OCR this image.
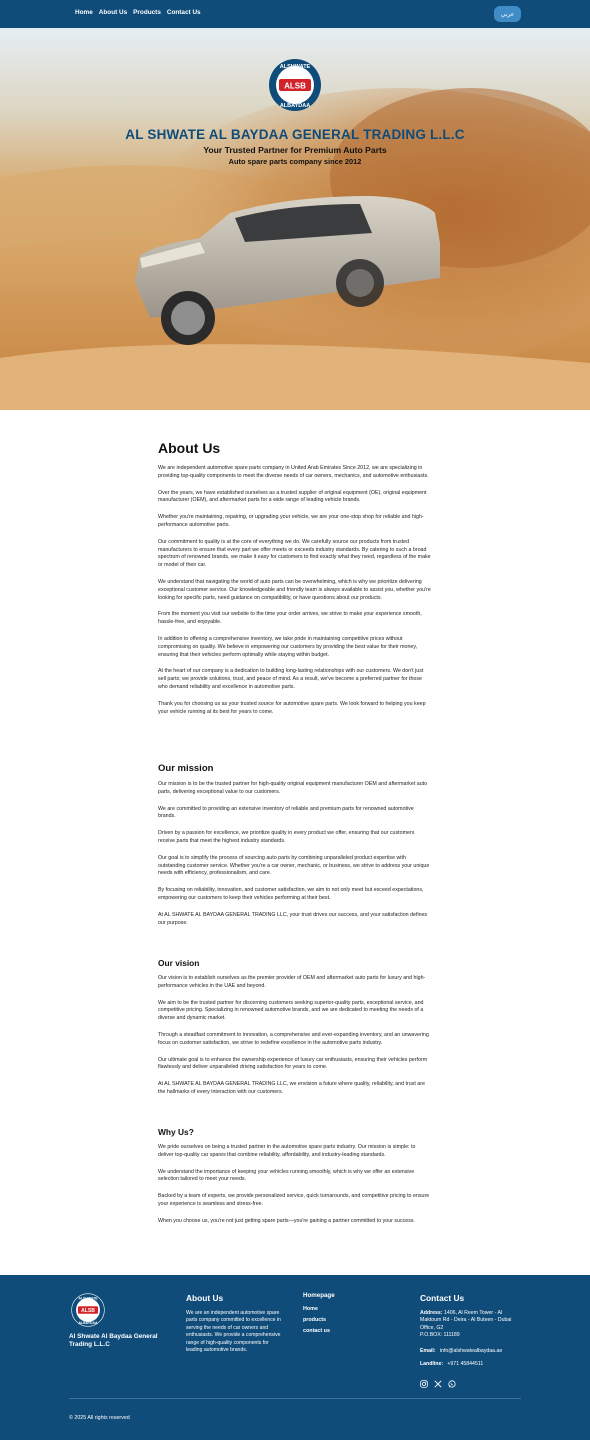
Home About Us Products Contact Us	عربي
ALSB
ALSHWATE
ALBAYDAA
AL SHWATE AL BAYDAA GENERAL TRADING L.L.C
Your Trusted Partner for Premium Auto Parts
Auto spare parts company since 2012
About Us

We are independent automotive spare parts company in United Arab Emirates Since 2012, we are specializing in providing top-quality components to meet the diverse needs of car owners, mechanics, and automotive enthusiasts.

Over the years, we have established ourselves as a trusted supplier of original equipment (OE), original equipment manufacturer (OEM), and aftermarket parts for a wide range of leading vehicle brands.

Whether you're maintaining, repairing, or upgrading your vehicle, we are your one-stop shop for reliable and high-performance automotive parts.

Our commitment to quality is at the core of everything we do. We carefully source our products from trusted manufacturers to ensure that every part we offer meets or exceeds industry standards. By catering to such a broad spectrum of renowned brands, we make it easy for customers to find exactly what they need, regardless of the make or model of their car.

We understand that navigating the world of auto parts can be overwhelming, which is why we prioritize delivering exceptional customer service. Our knowledgeable and friendly team is always available to assist you, whether you're looking for specific parts, need guidance on compatibility, or have questions about our products.

From the moment you visit our website to the time your order arrives, we strive to make your experience smooth, hassle-free, and enjoyable.

In addition to offering a comprehensive inventory, we take pride in maintaining competitive prices without compromising on quality. We believe in empowering our customers by providing the best value for their money, ensuring that their vehicles perform optimally while staying within budget.

At the heart of our company is a dedication to building long-lasting relationships with our customers. We don't just sell parts; we provide solutions, trust, and peace of mind. As a result, we've become a preferred partner for those who demand reliability and excellence in automotive parts.

Thank you for choosing us as your trusted source for automotive spare parts. We look forward to helping you keep your vehicle running at its best for years to come.

Our mission

Our mission is to be the trusted partner for high-quality original equipment manufacturer OEM and aftermarket auto parts, delivering exceptional value to our customers.

We are committed to providing an extensive inventory of reliable and premium parts for renowned automotive brands.

Driven by a passion for excellence, we prioritize quality in every product we offer, ensuring that our customers receive parts that meet the highest industry standards.

Our goal is to simplify the process of sourcing auto parts by combining unparalleled product expertise with outstanding customer service. Whether you're a car owner, mechanic, or business, we strive to address your unique needs with efficiency, professionalism, and care.

By focusing on reliability, innovation, and customer satisfaction, we aim to not only meet but exceed expectations, empowering our customers to keep their vehicles performing at their best.

At AL SHWATE AL BAYDAA GENERAL TRADING LLC, your trust drives our success, and your satisfaction defines our purpose.

Our vision

Our vision is to establish ourselves as the premier provider of OEM and aftermarket auto parts for luxury and high-performance vehicles in the UAE and beyond.

We aim to be the trusted partner for discerning customers seeking superior-quality parts, exceptional service, and competitive pricing. Specializing in renowned automotive brands, and we are dedicated to meeting the needs of a diverse and dynamic market.

Through a steadfast commitment to innovation, a comprehensive and ever-expanding inventory, and an unwavering focus on customer satisfaction, we strive to redefine excellence in the automotive parts industry.

Our ultimate goal is to enhance the ownership experience of luxury car enthusiasts, ensuring their vehicles perform flawlessly and deliver unparalleled driving satisfaction for years to come.

At AL SHWATE AL BAYDAA GENERAL TRADING LLC, we envision a future where quality, reliability, and trust are the hallmarks of every interaction with our customers.

Why Us?

We pride ourselves on being a trusted partner in the automotive spare parts industry. Our mission is simple: to deliver top-quality car spares that combine reliability, affordability, and industry-leading standards.

We understand the importance of keeping your vehicles running smoothly, which is why we offer an extensive selection tailored to meet your needs.

Backed by a team of experts, we provide personalized service, quick turnarounds, and competitive pricing to ensure your experience is seamless and stress-free.

When you choose us, you're not just getting spare parts—you're gaining a partner committed to your success.

ALSB
ALSHWATE
ALBAYDAA
Al Shwate Al Baydaa General Trading L.L.C
About Us
We are an independent automotive spare parts company committed to excellence in serving the needs of car owners and enthusiasts. We provide a comprehensive range of high-quality components for leading automotive brands.
Homepage
Home
products
contact us
Contact Us
Address: 1406, Al Reem Tower - Al Maktoum Rd - Deira - Al Buteen - Dubai Office, G2
P.O.BOX: 111189
Email: info@alshwatealbaydaa.ae
Landline: +971 45844511
© 2025 All rights reserved
